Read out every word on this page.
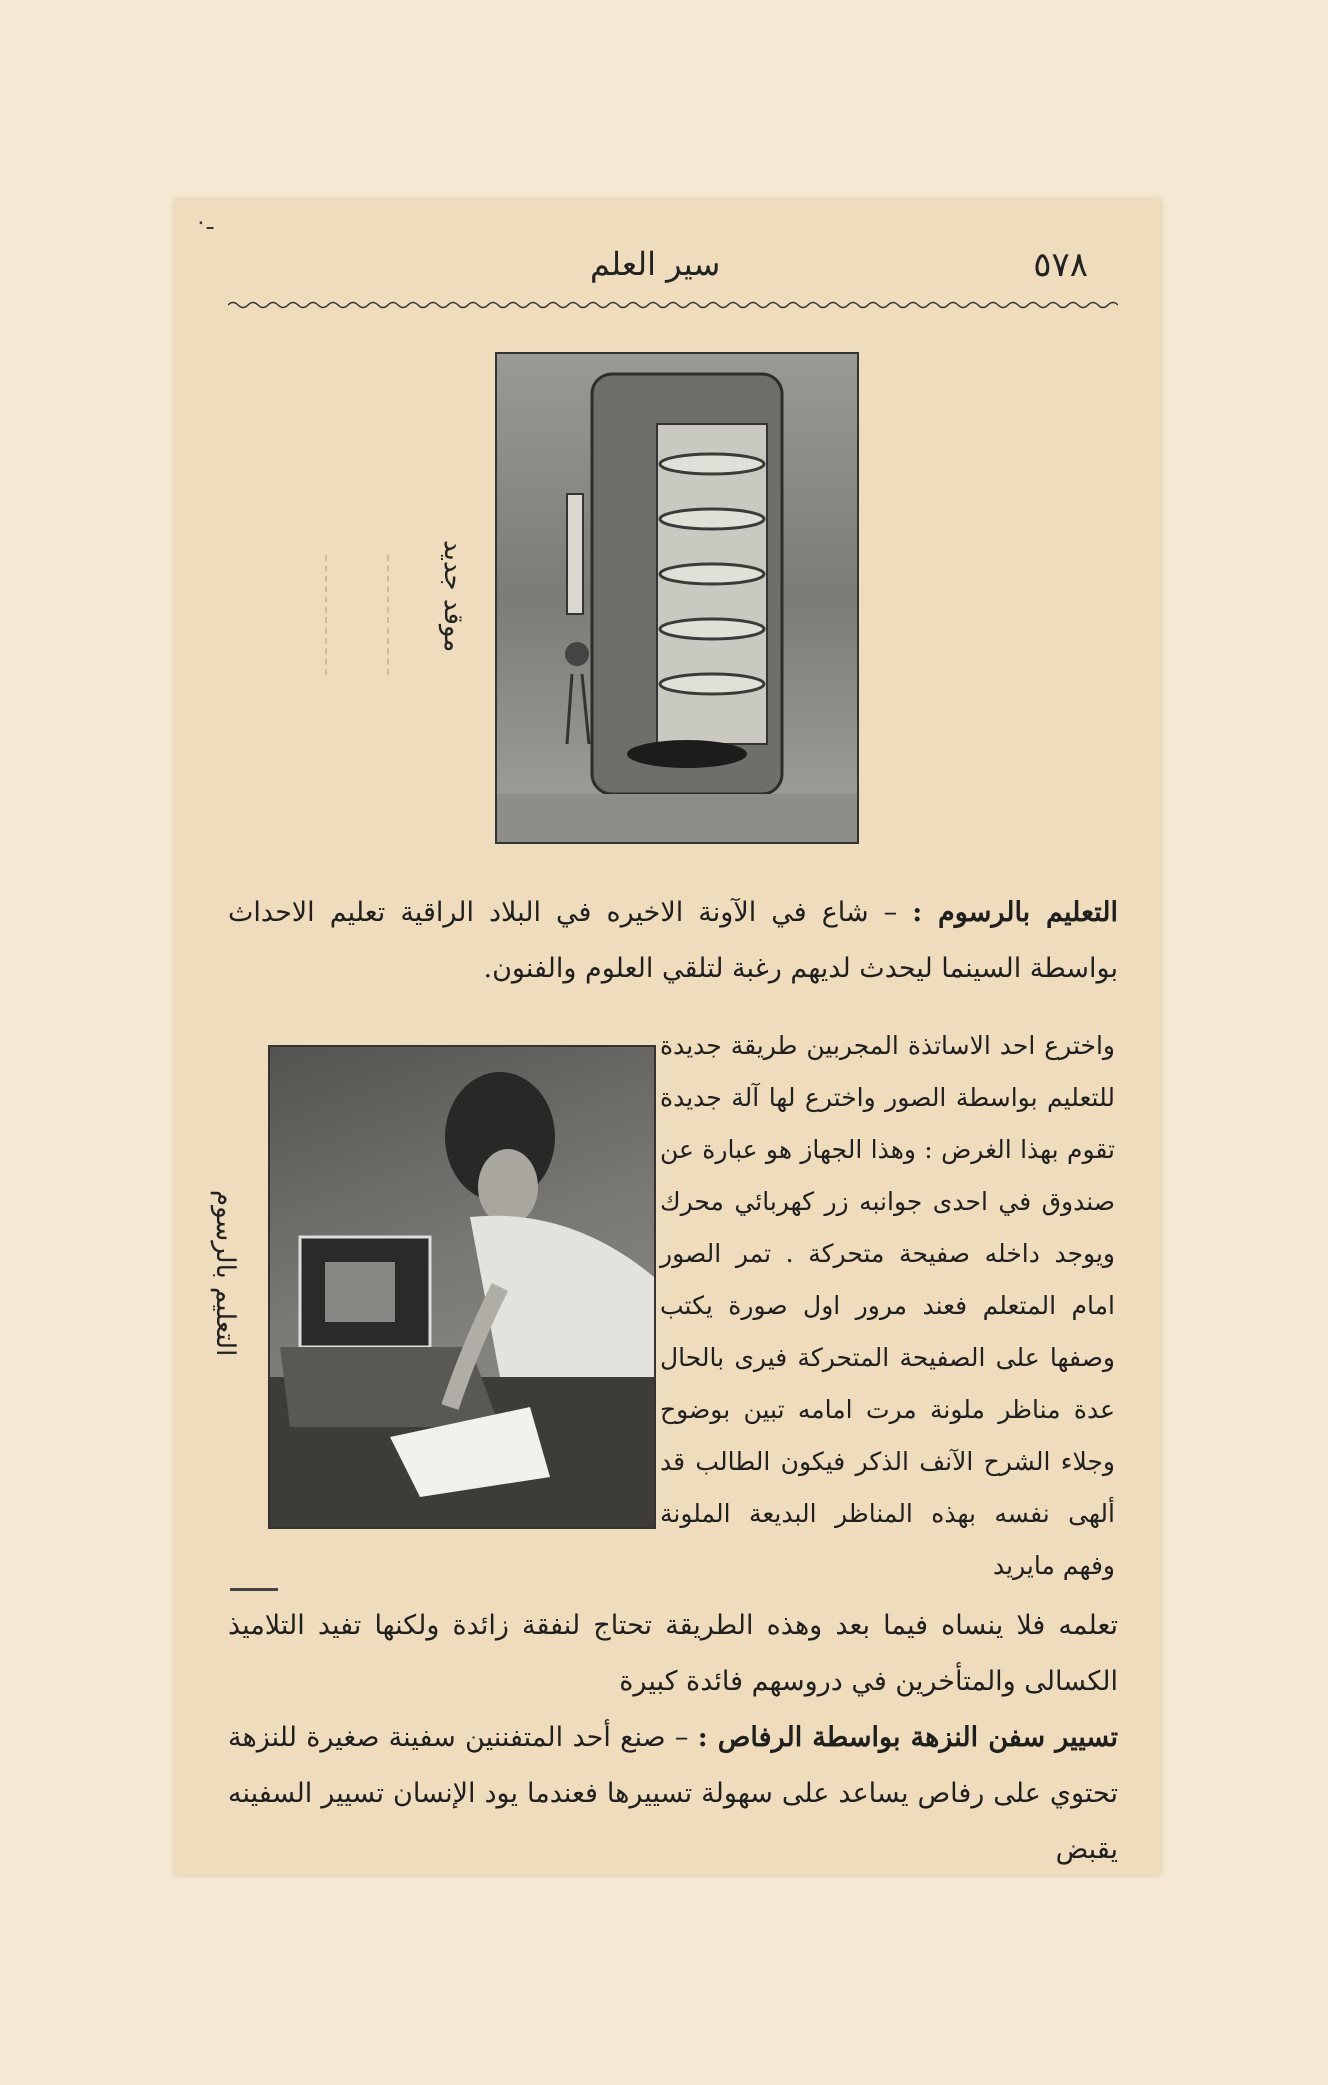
ـ٠
٥٧٨
سير العلم
موقد جديد
التعليم بالرسوم : – شاع في الآونة الاخيره في البلاد الراقية تعليم الاحداث بواسطة السينما ليحدث لديهم رغبة لتلقي العلوم والفنون.
التعليم بالرسوم
واخترع احد الاساتذة المجربين طريقة جديدة للتعليم بواسطة الصور واخترع لها آلة جديدة تقوم بهذا الغرض : وهذا الجهاز هو عبارة عن صندوق في احدى جوانبه زر كهربائي محرك ويوجد داخله صفيحة متحركة . تمر الصور امام المتعلم فعند مرور اول صورة يكتب وصفها على الصفيحة المتحركة فيرى بالحال عدة مناظر ملونة مرت امامه تبين بوضوح وجلاء الشرح الآنف الذكر فيكون الطالب قد ألهى نفسه بهذه المناظر البديعة الملونة وفهم مايريد
تعلمه فلا ينساه فيما بعد وهذه الطريقة تحتاج لنفقة زائدة ولكنها تفيد التلاميذ الكسالى والمتأخرين في دروسهم فائدة كبيرة
تسيير سفن النزهة بواسطة الرفاص : – صنع أحد المتفننين سفينة صغيرة للنزهة تحتوي على رفاص يساعد على سهولة تسييرها فعندما يود الإنسان تسيير السفينه يقبض
